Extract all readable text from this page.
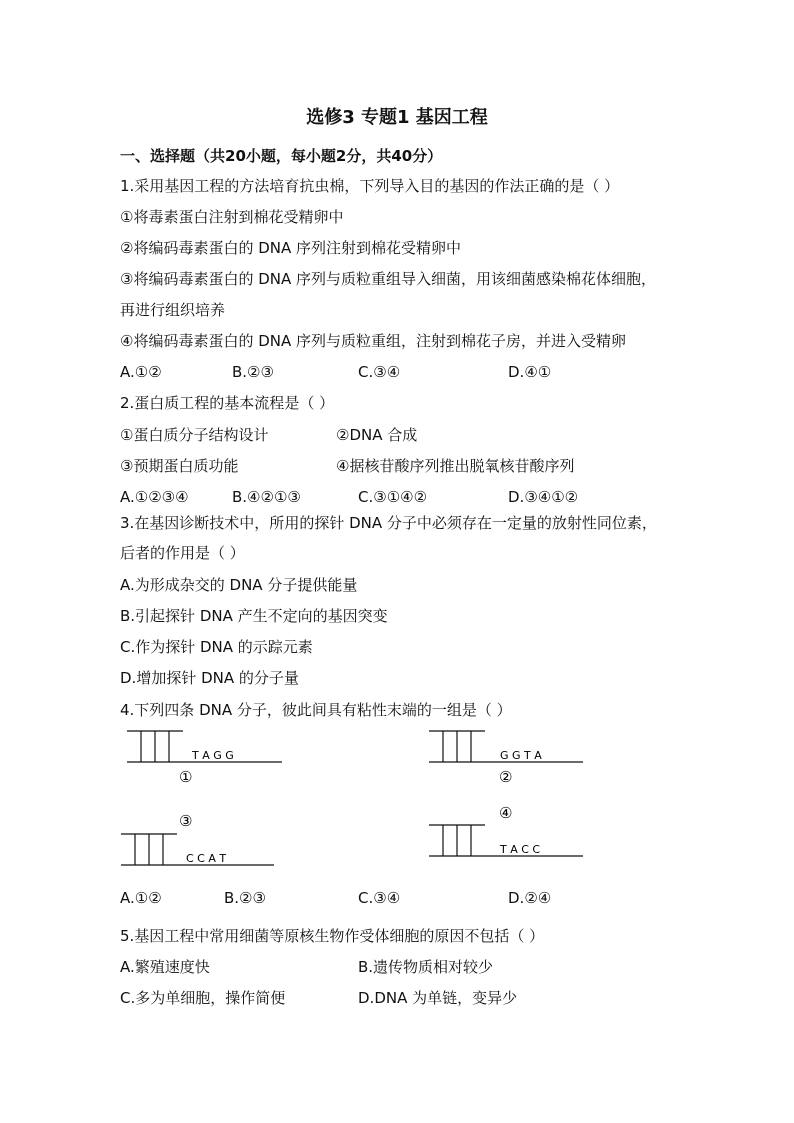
选修3 专题1 基因工程
一、选择题（共20小题，每小题2分，共40分）
1.采用基因工程的方法培育抗虫棉，下列导入目的基因的作法正确的是（ ）
①将毒素蛋白注射到棉花受精卵中
②将编码毒素蛋白的 DNA 序列注射到棉花受精卵中
③将编码毒素蛋白的 DNA 序列与质粒重组导入细菌，用该细菌感染棉花体细胞，
再进行组织培养
④将编码毒素蛋白的 DNA 序列与质粒重组，注射到棉花子房，并进入受精卵
A.①②	B.②③	C.③④	D.④①
2.蛋白质工程的基本流程是（ ）
①蛋白质分子结构设计	②DNA 合成
③预期蛋白质功能	④据核苷酸序列推出脱氧核苷酸序列
A.①②③④	B.④②①③	C.③①④②	D.③④①②
3.在基因诊断技术中，所用的探针 DNA 分子中必须存在一定量的放射性同位素，
后者的作用是（ ）
A.为形成杂交的 DNA 分子提供能量
B.引起探针 DNA 产生不定向的基因突变
C.作为探针 DNA 的示踪元素
D.增加探针 DNA 的分子量
4.下列四条 DNA 分子，彼此间具有粘性末端的一组是（ ）
T A G G
①
G G T A
②
③
C C A T
④
T A C C
A.①②	B.②③	C.③④	D.②④
5.基因工程中常用细菌等原核生物作受体细胞的原因不包括（ ）
A.繁殖速度快	B.遗传物质相对较少
C.多为单细胞，操作简便	D.DNA 为单链，变异少
